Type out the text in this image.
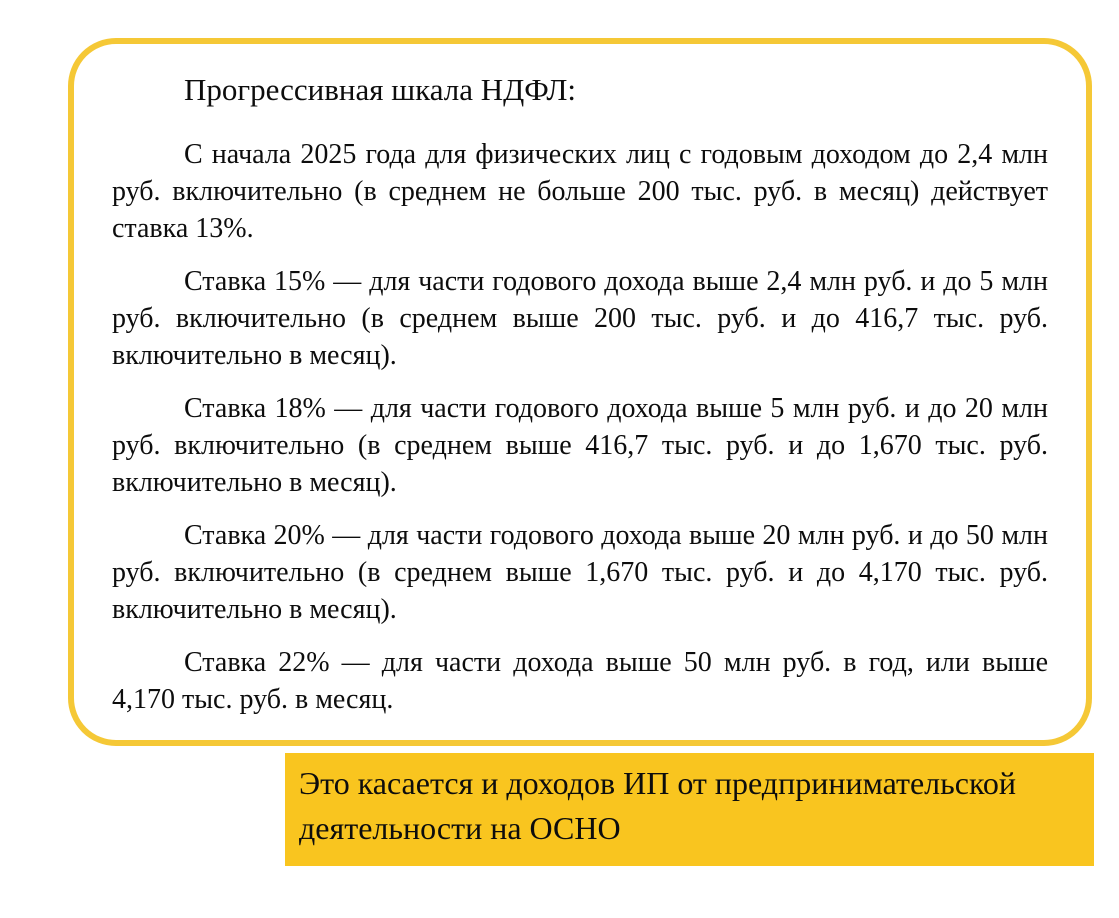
Прогрессивная шкала НДФЛ:

С начала 2025 года для физических лиц с годовым доходом до 2,4 млн руб. включительно (в среднем не больше 200 тыс. руб. в месяц) действует ставка 13%.

Ставка 15% — для части годового дохода выше 2,4 млн руб. и до 5 млн руб. включительно (в среднем выше 200 тыс. руб. и до 416,7 тыс. руб. включительно в месяц).

Ставка 18% — для части годового дохода выше 5 млн руб. и до 20 млн руб. включительно (в среднем выше 416,7 тыс. руб. и до 1,670 тыс. руб. включительно в месяц).

Ставка 20% — для части годового дохода выше 20 млн руб. и до 50 млн руб. включительно (в среднем выше 1,670 тыс. руб. и до 4,170 тыс. руб. включительно в месяц).

Ставка 22% — для части дохода выше 50 млн руб. в год, или выше 4,170 тыс. руб. в месяц.

Это касается и доходов ИП от предпринимательской деятельности на ОСНО
